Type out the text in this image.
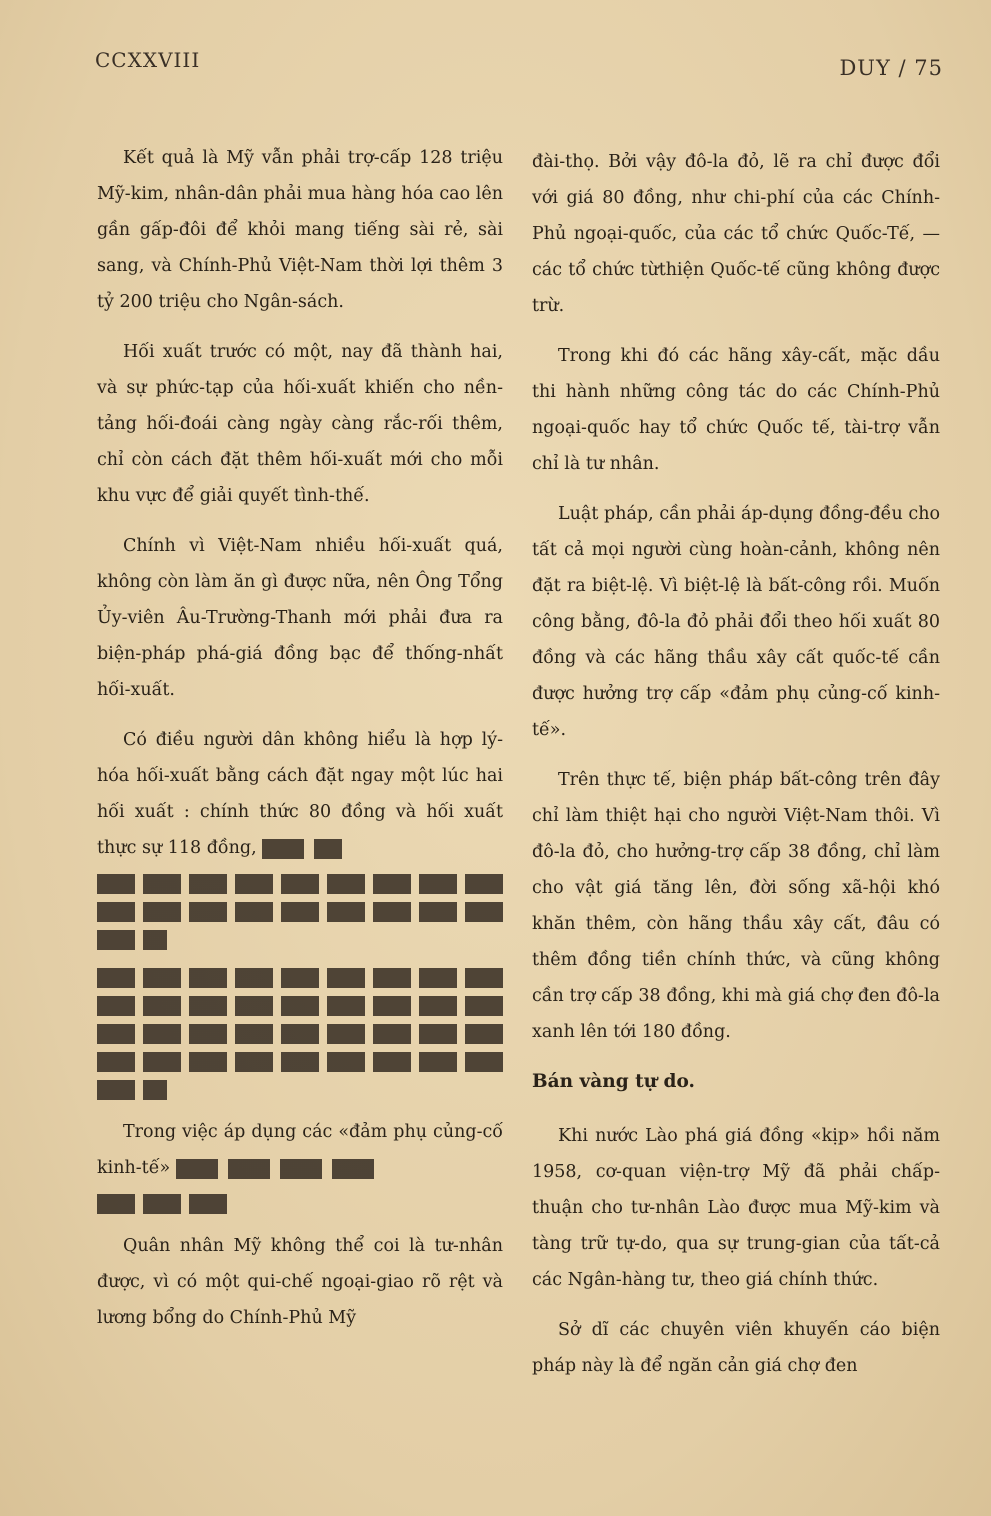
CCXXVIII	DUY / 75

Kết quả là Mỹ vẫn phải trợ-cấp 128 triệu Mỹ-kim, nhân-dân phải mua hàng hóa cao lên gần gấp-đôi để khỏi mang tiếng sài rẻ, sài sang, và Chính-Phủ Việt-Nam thời lợi thêm 3 tỷ 200 triệu cho Ngân-sách.

Hối xuất trước có một, nay đã thành hai, và sự phức-tạp của hối-xuất khiến cho nền-tảng hối-đoái càng ngày càng rắc-rối thêm, chỉ còn cách đặt thêm hối-xuất mới cho mỗi khu vực để giải quyết tình-thế.

Chính vì Việt-Nam nhiều hối-xuất quá, không còn làm ăn gì được nữa, nên Ông Tổng Ủy-viên Âu-Trường-Thanh mới phải đưa ra biện-pháp phá-giá đồng bạc để thống-nhất hối-xuất.

Có điều người dân không hiểu là hợp lý-hóa hối-xuất bằng cách đặt ngay một lúc hai hối xuất : chính thức 80 đồng và hối xuất thực sự 118 đồng,

Trong việc áp dụng các «đảm phụ củng-cố kinh-tế»

Quân nhân Mỹ không thể coi là tư-nhân được, vì có một qui-chế ngoại-giao rõ rệt và lương bổng do Chính-Phủ Mỹ

đài-thọ. Bởi vậy đô-la đỏ, lẽ ra chỉ được đổi với giá 80 đồng, như chi-phí của các Chính-Phủ ngoại-quốc, của các tổ chức Quốc-Tế, — các tổ chức từthiện Quốc-tế cũng không được trừ.

Trong khi đó các hãng xây-cất, mặc dầu thi hành những công tác do các Chính-Phủ ngoại-quốc hay tổ chức Quốc tế, tài-trợ vẫn chỉ là tư nhân.

Luật pháp, cần phải áp-dụng đồng-đều cho tất cả mọi người cùng hoàn-cảnh, không nên đặt ra biệt-lệ. Vì biệt-lệ là bất-công rồi. Muốn công bằng, đô-la đỏ phải đổi theo hối xuất 80 đồng và các hãng thầu xây cất quốc-tế cần được hưởng trợ cấp «đảm phụ củng-cố kinh-tế».

Trên thực tế, biện pháp bất-công trên đây chỉ làm thiệt hại cho người Việt-Nam thôi. Vì đô-la đỏ, cho hưởng-trợ cấp 38 đồng, chỉ làm cho vật giá tăng lên, đời sống xã-hội khó khăn thêm, còn hãng thầu xây cất, đâu có thêm đồng tiền chính thức, và cũng không cần trợ cấp 38 đồng, khi mà giá chợ đen đô-la xanh lên tới 180 đồng.

Bán vàng tự do.

Khi nước Lào phá giá đồng «kịp» hồi năm 1958, cơ-quan viện-trợ Mỹ đã phải chấp-thuận cho tư-nhân Lào được mua Mỹ-kim và tàng trữ tự-do, qua sự trung-gian của tất-cả các Ngân-hàng tư, theo giá chính thức.

Sở dĩ các chuyên viên khuyến cáo biện pháp này là để ngăn cản giá chợ đen
